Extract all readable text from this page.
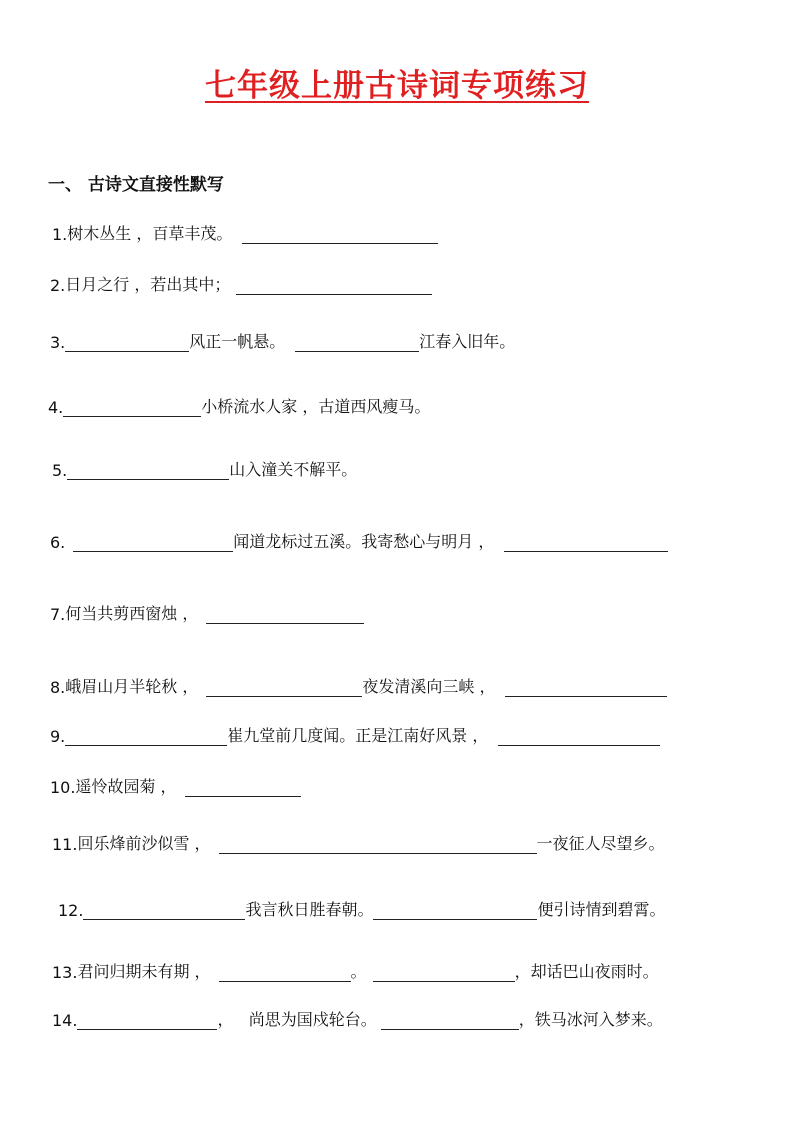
七年级上册古诗词专项练习
一、 古诗文直接性默写
1. 树木丛生 ，百草丰茂。
2. 日月之行 ，若出其中；
3.	风正一帆悬。	江春入旧年。
4.	小桥流水人家 ，古道西风瘦马。
5.	山入潼关不解平。
6.	闻道龙标过五溪。我寄愁心与明月 ，
7. 何当共剪西窗烛 ，
8. 峨眉山月半轮秋 ，	夜发清溪向三峡 ，
9.	崔九堂前几度闻。正是江南好风景 ，
10. 遥怜故园菊 ，
11. 回乐烽前沙似雪 ，	一夜征人尽望乡。
12.	我言秋日胜春朝。	便引诗情到碧霄。
13. 君问归期未有期 ，	。	，却话巴山夜雨时。
14.	，   尚思为国戍轮台。	，铁马冰河入梦来。
